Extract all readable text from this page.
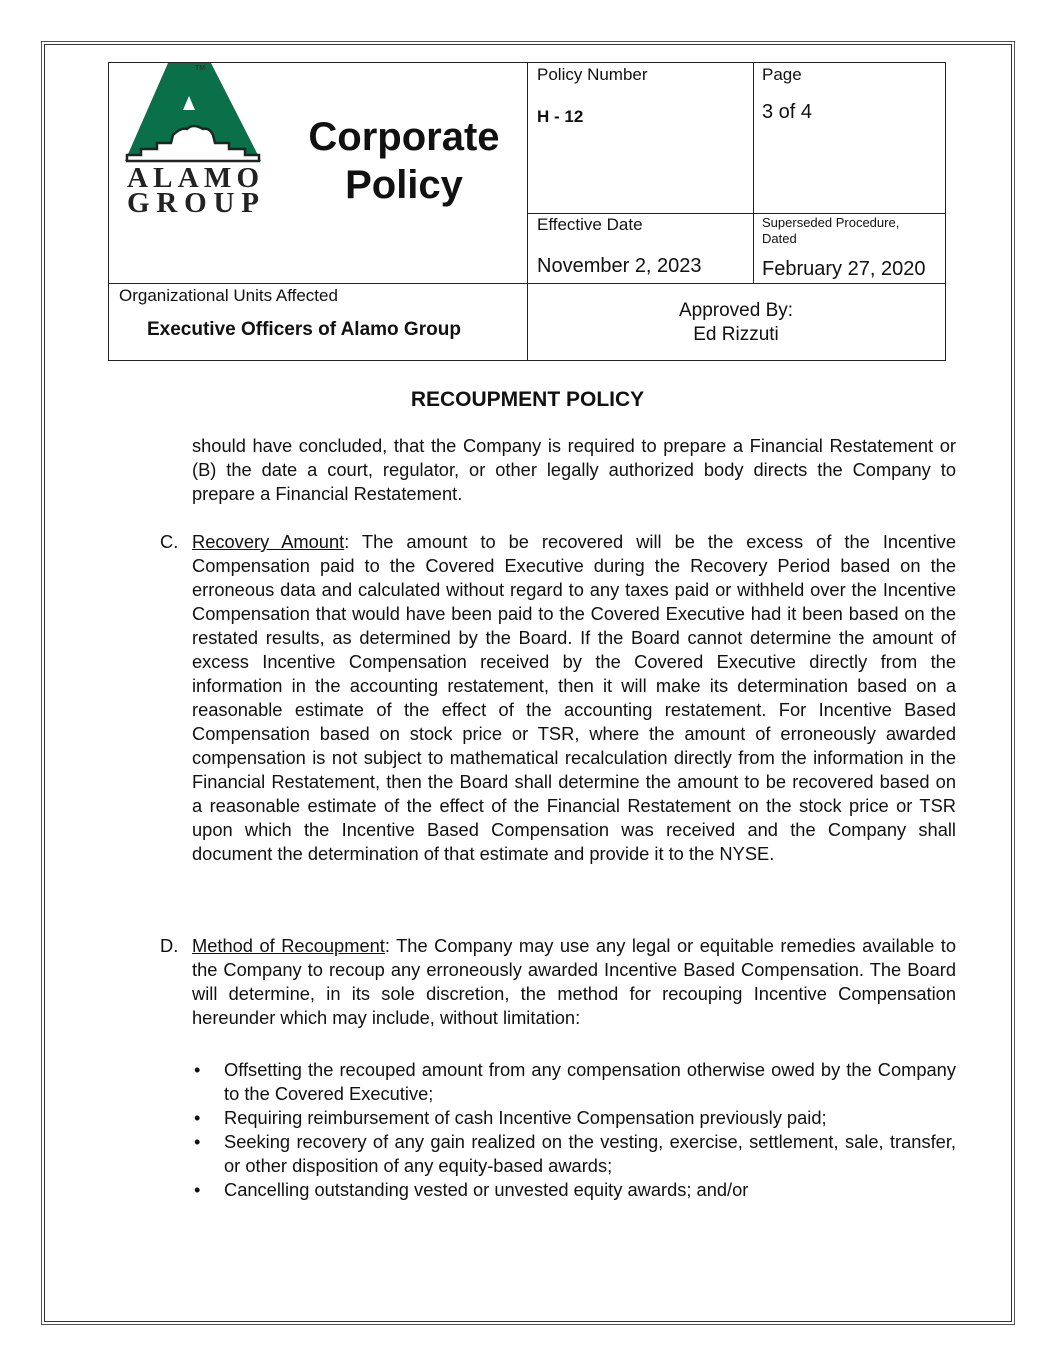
TM
ALAMO
GROUP
Corporate
Policy
Policy Number
H - 12
Page
3 of 4
Effective Date
November 2, 2023
Superseded Procedure,
Dated
February 27, 2020
Organizational Units Affected
Executive Officers of Alamo Group
Approved By:
Ed Rizzuti
RECOUPMENT POLICY
should have concluded, that the Company is required to prepare a Financial Restatement or (B) the date a court, regulator, or other legally authorized body directs the Company to prepare a Financial Restatement.
C. Recovery Amount: The amount to be recovered will be the excess of the Incentive Compensation paid to the Covered Executive during the Recovery Period based on the erroneous data and calculated without regard to any taxes paid or withheld over the Incentive Compensation that would have been paid to the Covered Executive had it been based on the restated results, as determined by the Board. If the Board cannot determine the amount of excess Incentive Compensation received by the Covered Executive directly from the information in the accounting restatement, then it will make its determination based on a reasonable estimate of the effect of the accounting restatement. For Incentive Based Compensation based on stock price or TSR, where the amount of erroneously awarded compensation is not subject to mathematical recalculation directly from the information in the Financial Restatement, then the Board shall determine the amount to be recovered based on a reasonable estimate of the effect of the Financial Restatement on the stock price or TSR upon which the Incentive Based Compensation was received and the Company shall document the determination of that estimate and provide it to the NYSE.
D. Method of Recoupment: The Company may use any legal or equitable remedies available to the Company to recoup any erroneously awarded Incentive Based Compensation. The Board will determine, in its sole discretion, the method for recouping Incentive Compensation hereunder which may include, without limitation:
• Offsetting the recouped amount from any compensation otherwise owed by the Company to the Covered Executive;
• Requiring reimbursement of cash Incentive Compensation previously paid;
• Seeking recovery of any gain realized on the vesting, exercise, settlement, sale, transfer, or other disposition of any equity-based awards;
• Cancelling outstanding vested or unvested equity awards; and/or
